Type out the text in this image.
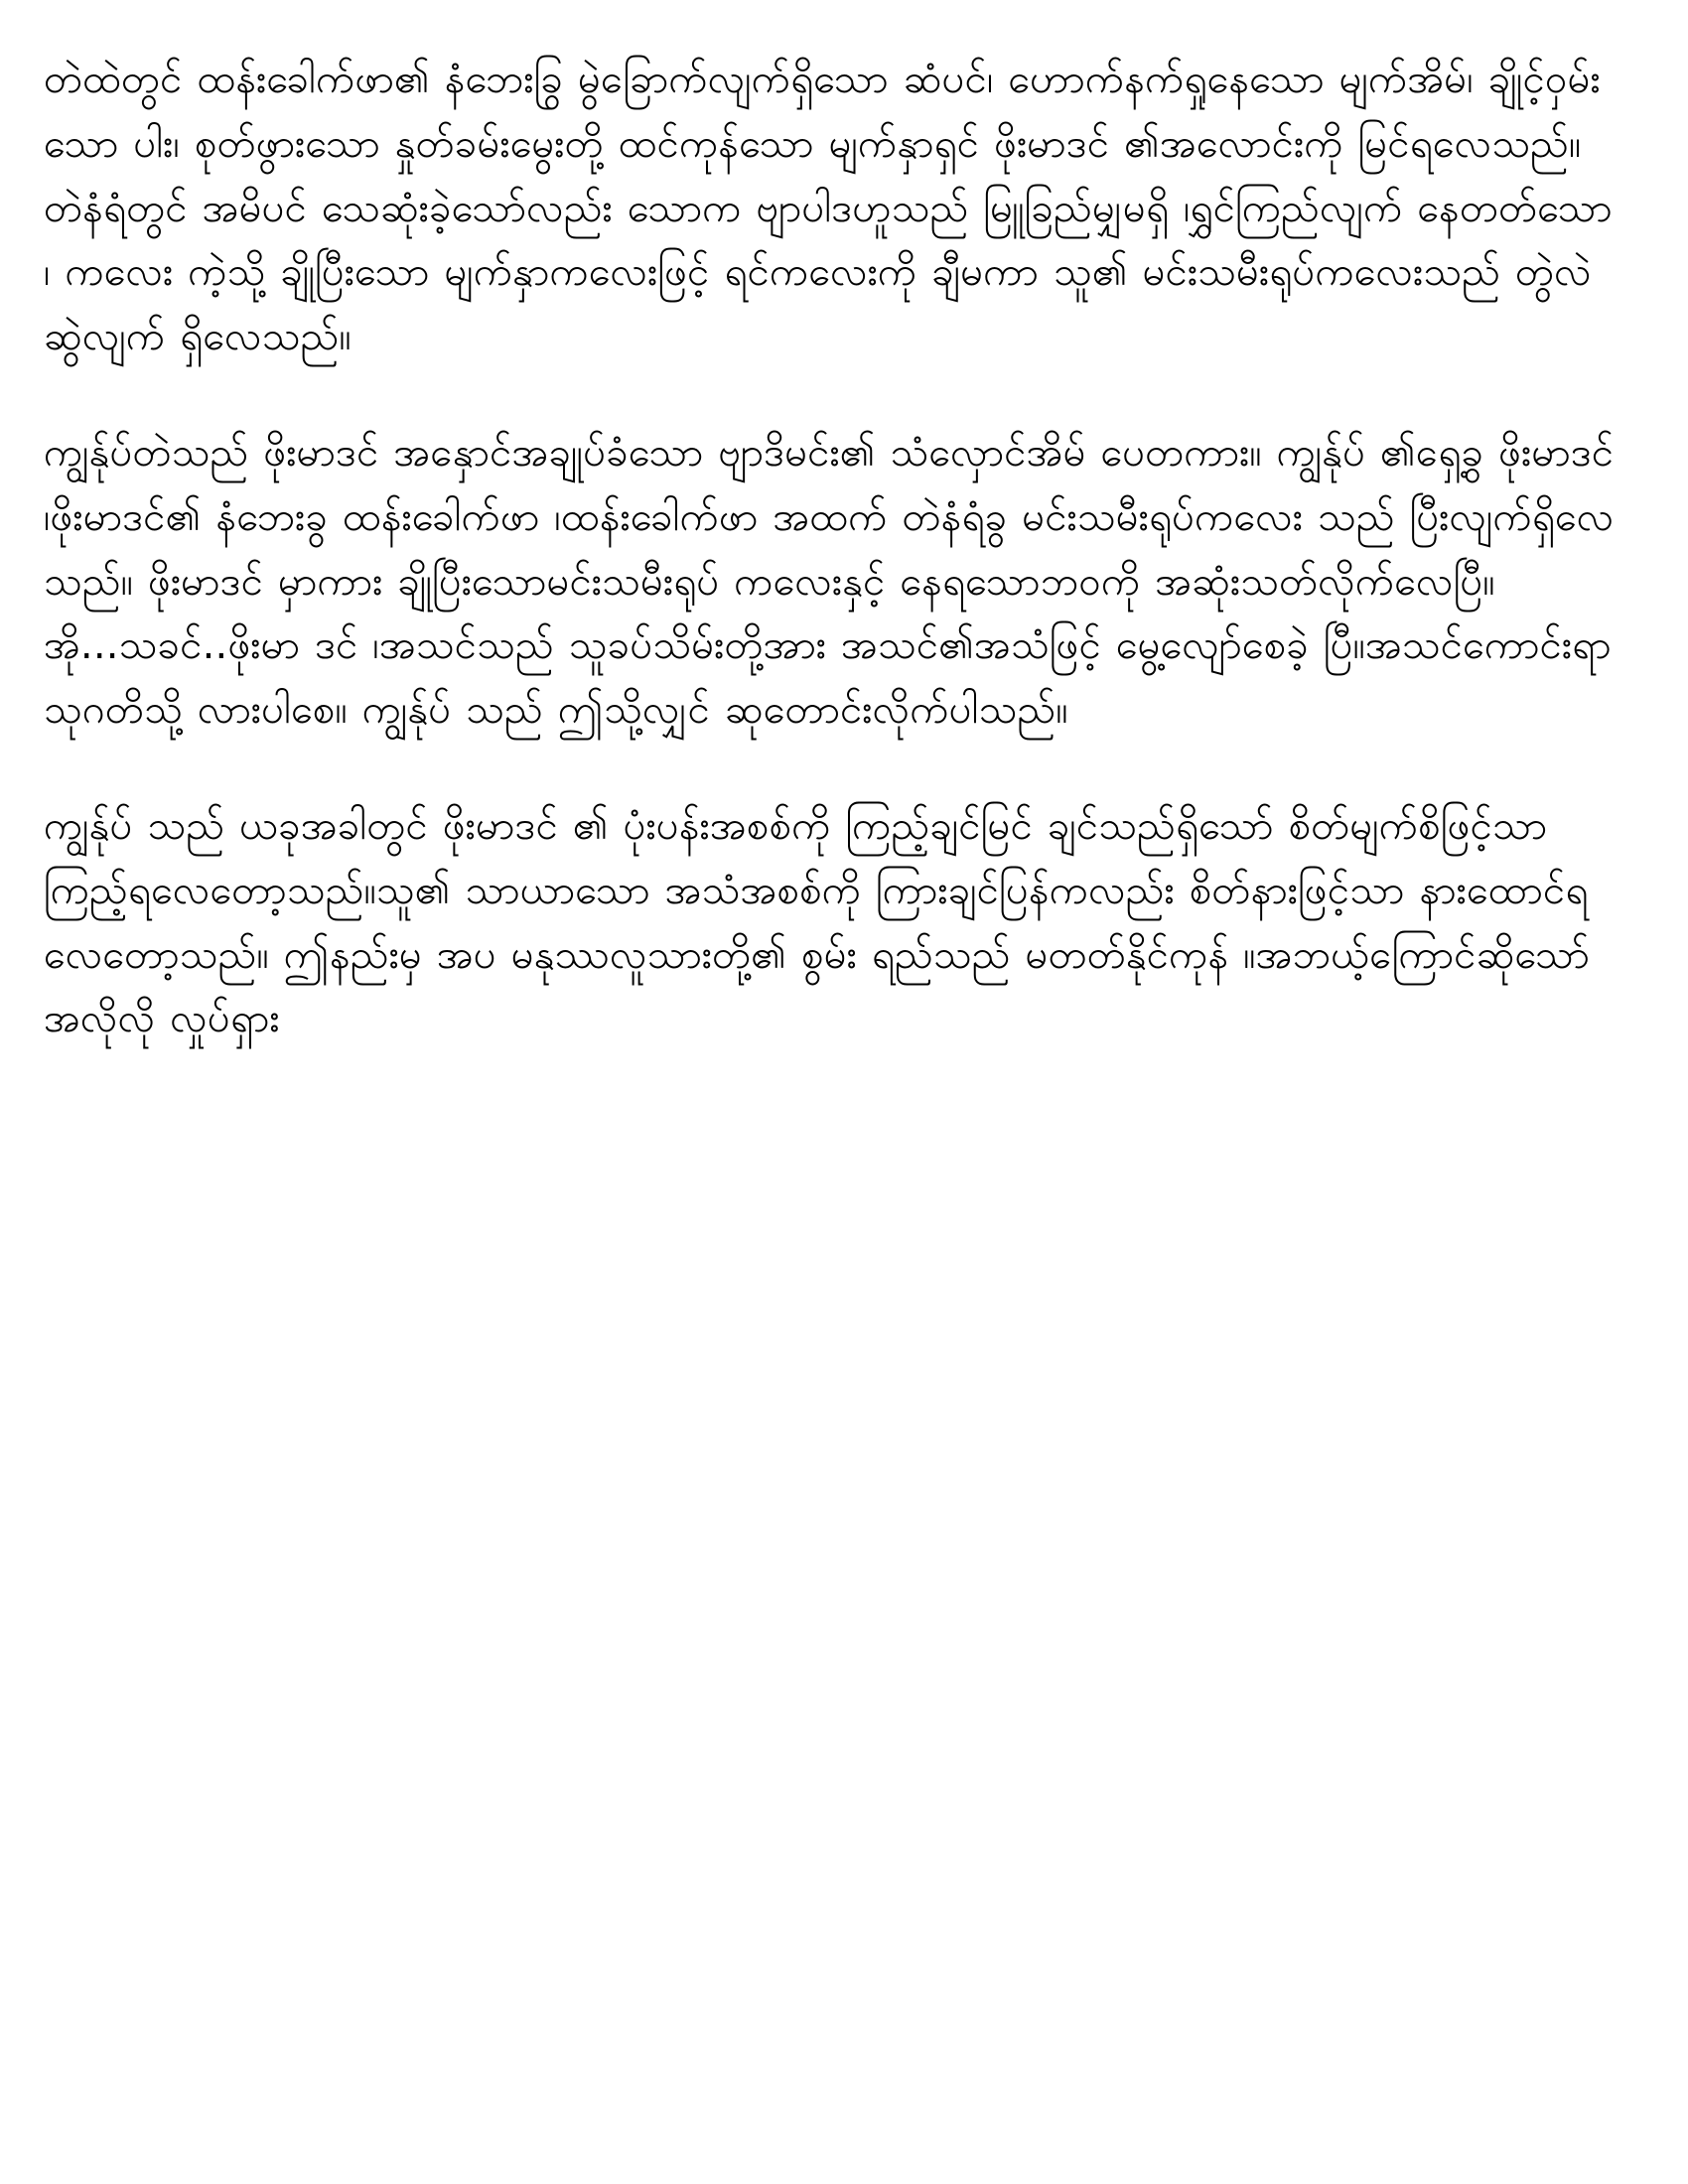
တဲထဲတွင် ထန်းခေါက်ဖာ၏ နံဘေးခြွ မွဲခြောက်လျက်ရှိသော ဆံပင်၊ ဟောက်နက်ရှုနေသော မျက်အိမ်၊ ချိုင့်ဝှမ်းသော ပါး၊ စုတ်ဖွားသော နှုတ်ခမ်းမွေးတို့ ထင်ကုန်သော မျက်နှာရှင် ဖိုးမာဒင် ၏အလောင်းကို မြင်ရလေသည်။ တဲနံရံတွင် အမိပင် သေဆုံးခဲ့သော်လည်း သောက ဗျာပါဒဟူသည် မြူခြည်မျှမရှိ ၊ရွှင်ကြည်လျက် နေတတ်သော ၊ ကလေး ကဲ့သို့ ချိုပြီးသော မျက်နှာကလေးဖြင့် ရင်ကလေးကို ချီမကာ သူ၏ မင်းသမီးရုပ်ကလေးသည် တွဲလဲဆွဲလျက် ရှိလေသည်။

ကျွန်ုပ်တဲသည် ဖိုးမာဒင် အနှောင်အချုပ်ခံသော ဗျာဒိမင်း၏ သံလှောင်အိမ် ပေတကား။ ကျွန်ုပ် ၏ရှေ့ခွ ဖိုးမာဒင် ၊ဖိုးမာဒင်၏ နံဘေးခွ ထန်းခေါက်ဖာ ၊ထန်းခေါက်ဖာ အထက် တဲနံရံခွ မင်းသမီးရုပ်ကလေး သည် ပြီးလျက်ရှိလေသည်။ ဖိုးမာဒင် မှာကား ချိုပြီးသောမင်းသမီးရုပ် ကလေးနှင့် နေရသောဘဝကို အဆုံးသတ်လိုက်လေပြီ။ အို...သခင်..ဖိုးမာ ဒင် ၊အသင်သည် သူခပ်သိမ်းတို့အား အသင်၏အသံဖြင့် မွေ့လျော်စေခဲ့ ပြီ။အသင်ကောင်းရာသုဂတိသို့ လားပါစေ။ ကျွန်ုပ် သည် ဤသို့လျှင် ဆုတောင်းလိုက်ပါသည်။

ကျွန်ုပ် သည် ယခုအခါတွင် ဖိုးမာဒင် ၏ ပုံးပန်းအစစ်ကို ကြည့်ချင်မြင် ချင်သည်ရှိသော် စိတ်မျက်စိဖြင့်သာ ကြည့်ရလေတော့သည်။သူ၏ သာယာသော အသံအစစ်ကို ကြားချင်ပြန်ကလည်း စိတ်နားဖြင့်သာ နားထောင်ရလေတော့သည်။ ဤနည်းမှ အပ မနုဿလူသားတို့၏ စွမ်း ရည်သည် မတတ်နိုင်ကုန် ။အဘယ့်ကြောင်ဆိုသော် အလိုလို လှုပ်ရှား
